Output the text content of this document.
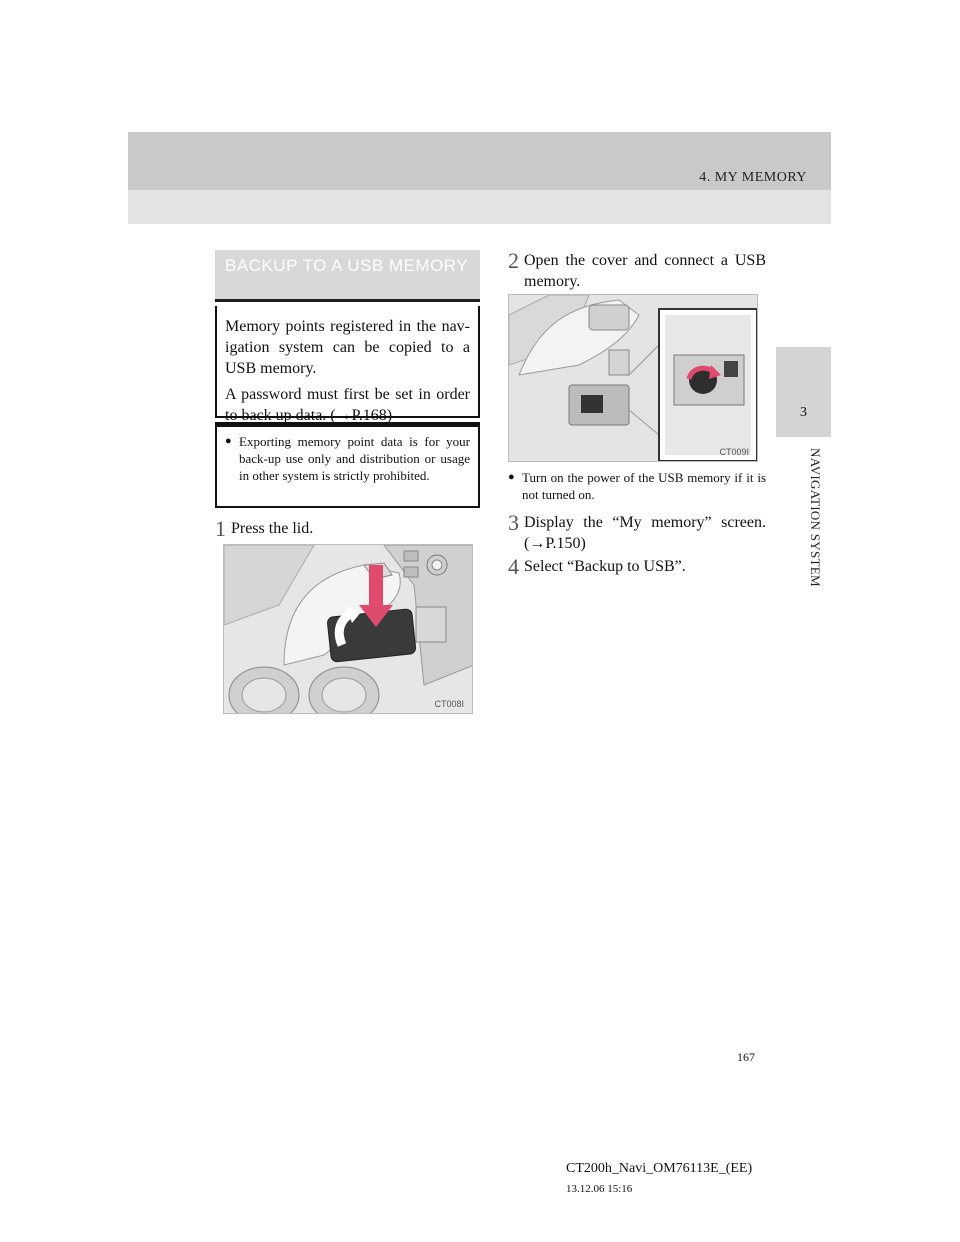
4. MY MEMORY
3
NAVIGATION SYSTEM
BACKUP TO A USB MEMORY

Memory points registered in the navigation system can be copied to a USB memory.

A password must first be set in order to back up data. (→P.168)

● Exporting memory point data is for your back-up use only and distribution or usage in other system is strictly prohibited.
1 Press the lid.
CT008I
2 Open the cover and connect a USB memory.
CT009I
● Turn on the power of the USB memory if it is not turned on.
3 Display the “My memory” screen. (→P.150)
4 Select “Backup to USB”.
167
CT200h_Navi_OM76113E_(EE)
13.12.06 15:16
